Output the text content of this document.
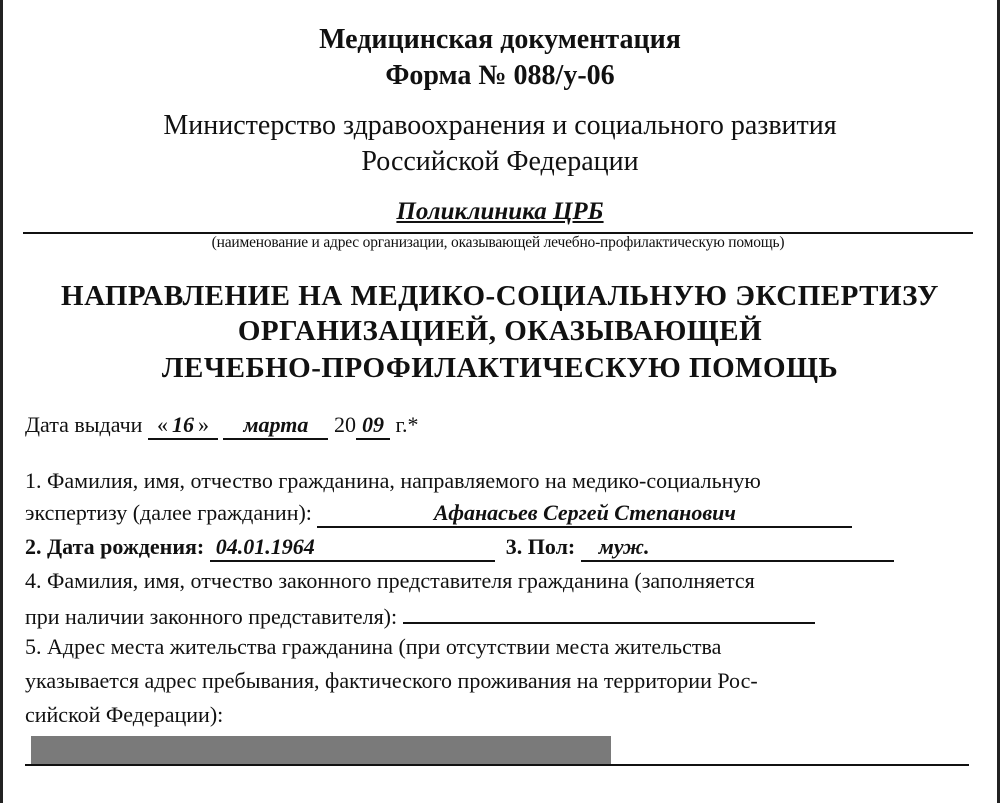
Медицинская документация
Форма № 088/у-06
Министерство здравоохранения и социального развития
Российской Федерации
Поликлиника ЦРБ
(наименование и адрес организации, оказывающей лечебно-профилактическую помощь)
НАПРАВЛЕНИЕ НА МЕДИКО-СОЦИАЛЬНУЮ ЭКСПЕРТИЗУ
ОРГАНИЗАЦИЕЙ, ОКАЗЫВАЮЩЕЙ
ЛЕЧЕБНО-ПРОФИЛАКТИЧЕСКУЮ ПОМОЩЬ
Дата выдачи « 16 » марта 20 09 г.*
1. Фамилия, имя, отчество гражданина, направляемого на медико-социальную
экспертизу (далее гражданин):	Афанасьев Сергей Степанович
2. Дата рождения: 04.01.1964	3. Пол: муж.
4. Фамилия, имя, отчество законного представителя гражданина (заполняется
при наличии законного представителя):
5. Адрес места жительства гражданина (при отсутствии места жительства
указывается адрес пребывания, фактического проживания на территории Рос-
сийской Федерации):
